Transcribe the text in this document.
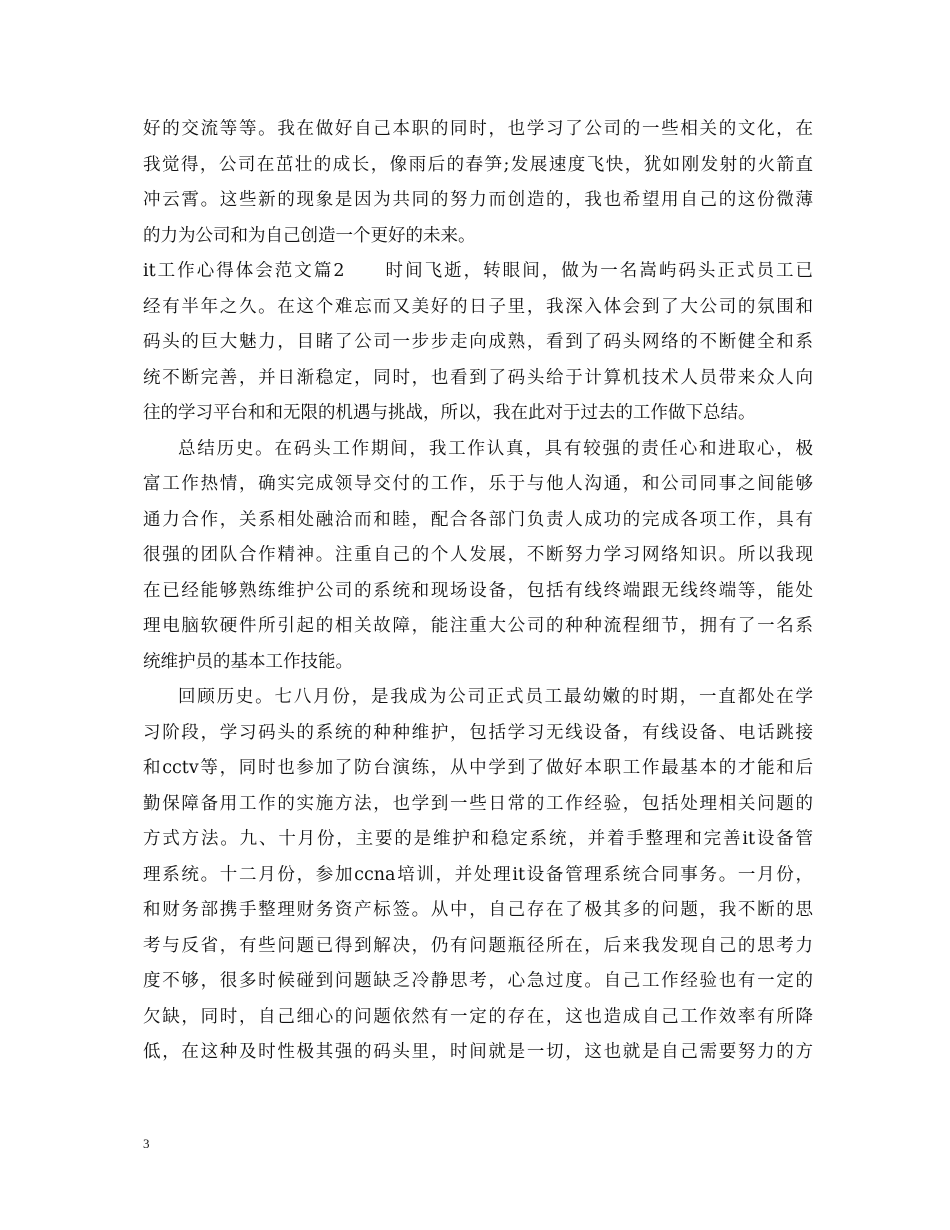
好的交流等等。我在做好自己本职的同时，也学习了公司的一些相关的文化，在
我觉得，公司在茁壮的成长，像雨后的春笋;发展速度飞快，犹如刚发射的火箭直
冲云霄。这些新的现象是因为共同的努力而创造的，我也希望用自己的这份微薄
的力为公司和为自己创造一个更好的未来。
it工作心得体会范文篇2　　时间飞逝，转眼间，做为一名嵩屿码头正式员工已
经有半年之久。在这个难忘而又美好的日子里，我深入体会到了大公司的氛围和
码头的巨大魅力，目睹了公司一步步走向成熟，看到了码头网络的不断健全和系
统不断完善，并日渐稳定，同时，也看到了码头给于计算机技术人员带来众人向
往的学习平台和和无限的机遇与挑战，所以，我在此对于过去的工作做下总结。
总结历史。在码头工作期间，我工作认真，具有较强的责任心和进取心，极
富工作热情，确实完成领导交付的工作，乐于与他人沟通，和公司同事之间能够
通力合作，关系相处融洽而和睦，配合各部门负责人成功的完成各项工作，具有
很强的团队合作精神。注重自己的个人发展，不断努力学习网络知识。所以我现
在已经能够熟练维护公司的系统和现场设备，包括有线终端跟无线终端等，能处
理电脑软硬件所引起的相关故障，能注重大公司的种种流程细节，拥有了一名系
统维护员的基本工作技能。
回顾历史。七八月份，是我成为公司正式员工最幼嫩的时期，一直都处在学
习阶段，学习码头的系统的种种维护，包括学习无线设备，有线设备、电话跳接
和cctv等，同时也参加了防台演练，从中学到了做好本职工作最基本的才能和后
勤保障备用工作的实施方法，也学到一些日常的工作经验，包括处理相关问题的
方式方法。九、十月份，主要的是维护和稳定系统，并着手整理和完善it设备管
理系统。十二月份，参加ccna培训，并处理it设备管理系统合同事务。一月份，
和财务部携手整理财务资产标签。从中，自己存在了极其多的问题，我不断的思
考与反省，有些问题已得到解决，仍有问题瓶径所在，后来我发现自己的思考力
度不够，很多时候碰到问题缺乏冷静思考，心急过度。自己工作经验也有一定的
欠缺，同时，自己细心的问题依然有一定的存在，这也造成自己工作效率有所降
低，在这种及时性极其强的码头里，时间就是一切，这也就是自己需要努力的方
3
